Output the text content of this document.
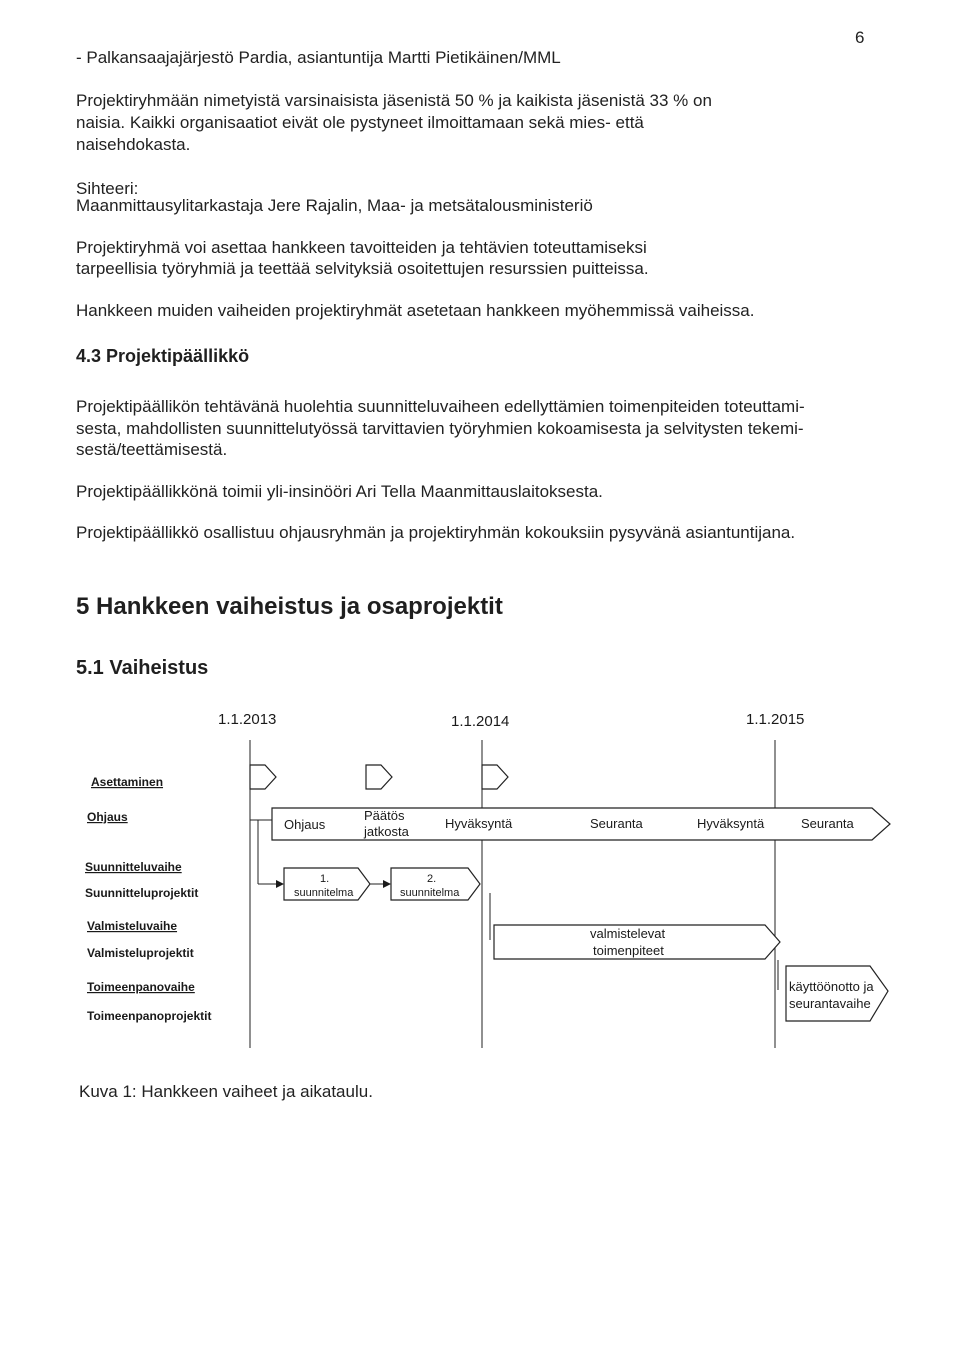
6
- Palkansaajajärjestö Pardia, asiantuntija Martti Pietikäinen/MML
Projektiryhmään nimetyistä varsinaisista jäsenistä 50 % ja kaikista jäsenistä 33 % on
naisia. Kaikki organisaatiot eivät ole pystyneet ilmoittamaan sekä mies- että
naisehdokasta.
Sihteeri:
Maanmittausylitarkastaja Jere Rajalin, Maa- ja metsätalousministeriö
Projektiryhmä voi asettaa hankkeen tavoitteiden ja tehtävien toteuttamiseksi
tarpeellisia työryhmiä ja teettää selvityksiä osoitettujen resurssien puitteissa.
Hankkeen muiden vaiheiden projektiryhmät asetetaan hankkeen myöhemmissä vaiheissa.
4.3 Projektipäällikkö
Projektipäällikön tehtävänä huolehtia suunnitteluvaiheen edellyttämien toimenpiteiden toteuttami-
sesta, mahdollisten suunnittelutyössä tarvittavien työryhmien kokoamisesta ja selvitysten tekemi-
sestä/teettämisestä.
Projektipäällikkönä toimii yli-insinööri Ari Tella Maanmittauslaitoksesta.
Projektipäällikkö osallistuu ohjausryhmän ja projektiryhmän kokouksiin pysyvänä asiantuntijana.
5 Hankkeen vaiheistus ja osaprojektit
5.1 Vaiheistus
1.1.2013	1.1.2014	1.1.2015
Asettaminen
Ohjaus
Suunnitteluvaihe
Suunnitteluprojektit
Valmisteluvaihe
Valmisteluprojektit
Toimeenpanovaihe
Toimeenpanoprojektit
Ohjaus
Päätös
jatkosta
Hyväksyntä	Seuranta	Hyväksyntä	Seuranta
1.
suunnitelma
2.
suunnitelma
valmistelevat
toimenpiteet
käyttöönotto ja
seurantavaihe
Kuva 1: Hankkeen vaiheet ja aikataulu.
